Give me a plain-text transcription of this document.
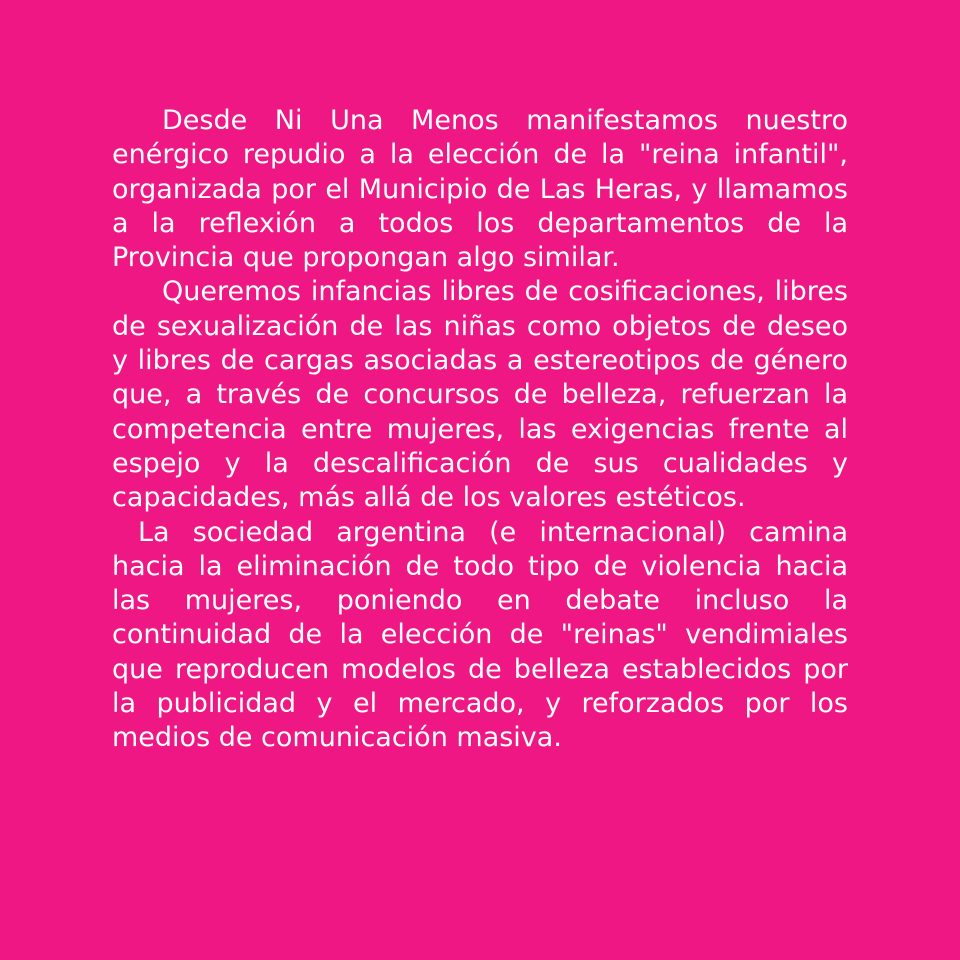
Desde Ni Una Menos manifestamos nuestro enérgico repudio a la elección de la "reina infantil", organizada por el Municipio de Las Heras, y llamamos a la reflexión a todos los departamentos de la Provincia que propongan algo similar.

Queremos infancias libres de cosificaciones, libres de sexualización de las niñas como objetos de deseo y libres de cargas asociadas a estereotipos de género que, a través de concursos de belleza, refuerzan la competencia entre mujeres, las exigencias frente al espejo y la descalificación de sus cualidades y capacidades, más allá de los valores estéticos.

La sociedad argentina (e internacional) camina hacia la eliminación de todo tipo de violencia hacia las mujeres, poniendo en debate incluso la continuidad de la elección de "reinas" vendimiales que reproducen modelos de belleza establecidos por la publicidad y el mercado, y reforzados por los medios de comunicación masiva.
